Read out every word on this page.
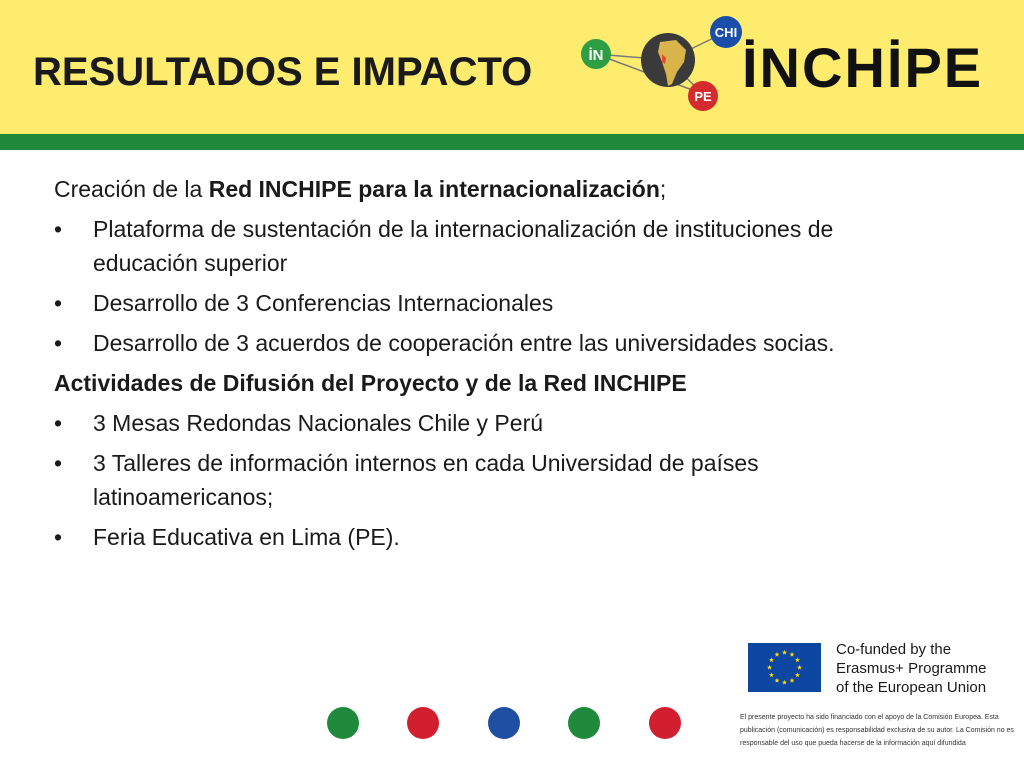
RESULTADOS E IMPACTO	İN
CHI
PE İNCHİPE

Creación de la Red INCHIPE para la internacionalización;

•	Plataforma de sustentación de la internacionalización de instituciones de educación superior
•	Desarrollo de 3 Conferencias Internacionales
•	Desarrollo de 3 acuerdos de cooperación entre las universidades socias.

Actividades de Difusión del Proyecto y de la Red INCHIPE

•	3 Mesas Redondas Nacionales Chile y Perú
•	3 Talleres de información internos en cada Universidad de países latinoamericanos;
•	Feria Educativa en Lima (PE).
Co-funded by the
Erasmus+ Programme
of the European Union
El presente proyecto ha sido financiado con el apoyo de la Comisión Europea. Esta publicación (comunicación) es responsabilidad exclusiva de su autor. La Comisión no es responsable del uso que pueda hacerse de la información aquí difundida
